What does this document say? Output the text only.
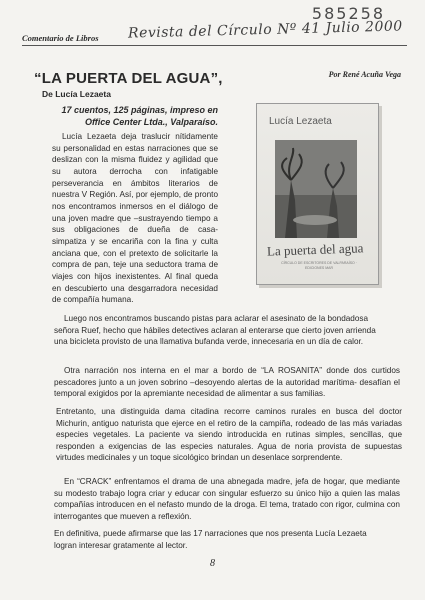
585258
Comentario de Libros Revista del Círculo Nº 41 Julio 2000
“LA PUERTA DEL AGUA”,	Por René Acuña Vega
De Lucía Lezaeta
17 cuentos, 125 páginas, impreso en
Office Center Ltda., Valparaíso.
Lucía Lezaeta deja traslucir nítidamente su personalidad en estas narraciones que se deslizan con la misma fluidez y agilidad que su autora derrocha con infatigable perseverancia en ámbitos literarios de nuestra V Región. Así, por ejemplo, de pronto nos encontramos inmersos en el diálogo de una joven madre que –sustrayendo tiempo a sus obligaciones de dueña de casa- simpatiza y se encariña con la fina y culta anciana que, con el pretexto de solicitarle la compra de pan, teje una seductora trama de viajes con hijos inexistentes. Al final queda en descubierto una desgarradora necesidad de compañía humana.
Lucía Lezaeta
La puerta del agua
CÍRCULO DE ESCRITORES DE VALPARAÍSO · EDICIONES MAR

Luego nos encontramos buscando pistas para aclarar el asesinato de la bondadosa

señora Ruef, hecho que hábiles detectives aclaran al enterarse que cierto joven arrienda

una bicicleta provisto de una llamativa bufanda verde, innecesaria en un día de calor.

Otra narración nos interna en el mar a bordo de “LA ROSANITA” donde dos curtidos pescadores junto a un joven sobrino –desoyendo alertas de la autoridad marítima- desafían el temporal exigidos por la apremiante necesidad de alimentar a sus familias.
Entretanto, una distinguida dama citadina recorre caminos rurales en busca del doctor Michurin, antiguo naturista que ejerce en el retiro de la campiña, rodeado de las más variadas especies vegetales. La paciente va siendo introducida en rutinas simples, sencillas, que responden a exigencias de las especies naturales. Agua de noria provista de supuestas virtudes medicinales y un toque sicológico brindan un desenlace sorprendente.
En “CRACK” enfrentamos el drama de una abnegada madre, jefa de hogar, que mediante su modesto trabajo logra criar y educar con singular esfuerzo su único hijo a quien las malas compañías introducen en el nefasto mundo de la droga. El tema, tratado con rigor, culmina con interrogantes que mueven a reflexión.

En definitiva, puede afirmarse que las 17 narraciones que nos presenta Lucía Lezaeta

logran interesar gratamente al lector.

8
